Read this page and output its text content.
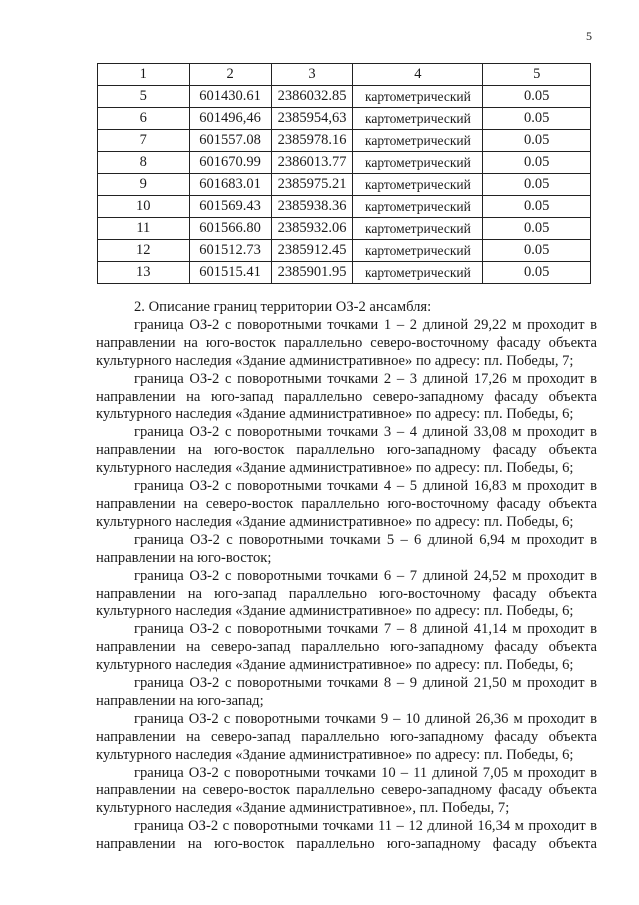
5
1	2	3	4	5
5	601430.61	2386032.85	картометрический	0.05
6	601496,46	2385954,63	картометрический	0.05
7	601557.08	2385978.16	картометрический	0.05
8	601670.99	2386013.77	картометрический	0.05
9	601683.01	2385975.21	картометрический	0.05
10	601569.43	2385938.36	картометрический	0.05
11	601566.80	2385932.06	картометрический	0.05
12	601512.73	2385912.45	картометрический	0.05
13	601515.41	2385901.95	картометрический	0.05

2. Описание границ территории ОЗ-2 ансамбля:

граница ОЗ-2 с поворотными точками 1 – 2 длиной 29,22 м проходит в направлении на юго-восток параллельно северо-восточному фасаду объекта культурного наследия «Здание административное» по адресу: пл. Победы, 7;

граница ОЗ-2 с поворотными точками 2 – 3 длиной 17,26 м проходит в направлении на юго-запад параллельно северо-западному фасаду объекта культурного наследия «Здание административное» по адресу: пл. Победы, 6;

граница ОЗ-2 с поворотными точками 3 – 4 длиной 33,08 м проходит в направлении на юго-восток параллельно юго-западному фасаду объекта культурного наследия «Здание административное» по адресу: пл. Победы, 6;

граница ОЗ-2 с поворотными точками 4 – 5 длиной 16,83 м проходит в направлении на северо-восток параллельно юго-восточному фасаду объекта культурного наследия «Здание административное» по адресу: пл. Победы, 6;

граница ОЗ-2 с поворотными точками 5 – 6 длиной 6,94 м проходит в направлении на юго-восток;

граница ОЗ-2 с поворотными точками 6 – 7 длиной 24,52 м проходит в направлении на юго-запад параллельно юго-восточному фасаду объекта культурного наследия «Здание административное» по адресу: пл. Победы, 6;

граница ОЗ-2 с поворотными точками 7 – 8 длиной 41,14 м проходит в направлении на северо-запад параллельно юго-западному фасаду объекта культурного наследия «Здание административное» по адресу: пл. Победы, 6;

граница ОЗ-2 с поворотными точками 8 – 9 длиной 21,50 м проходит в направлении на юго-запад;

граница ОЗ-2 с поворотными точками 9 – 10 длиной 26,36 м проходит в направлении на северо-запад параллельно юго-западному фасаду объекта культурного наследия «Здание административное» по адресу: пл. Победы, 6;

граница ОЗ-2 с поворотными точками 10 – 11 длиной 7,05 м проходит в направлении на северо-восток параллельно северо-западному фасаду объекта культурного наследия «Здание административное», пл. Победы, 7;

граница ОЗ-2 с поворотными точками 11 – 12 длиной 16,34 м проходит в направлении на юго-восток параллельно юго-западному фасаду объекта
